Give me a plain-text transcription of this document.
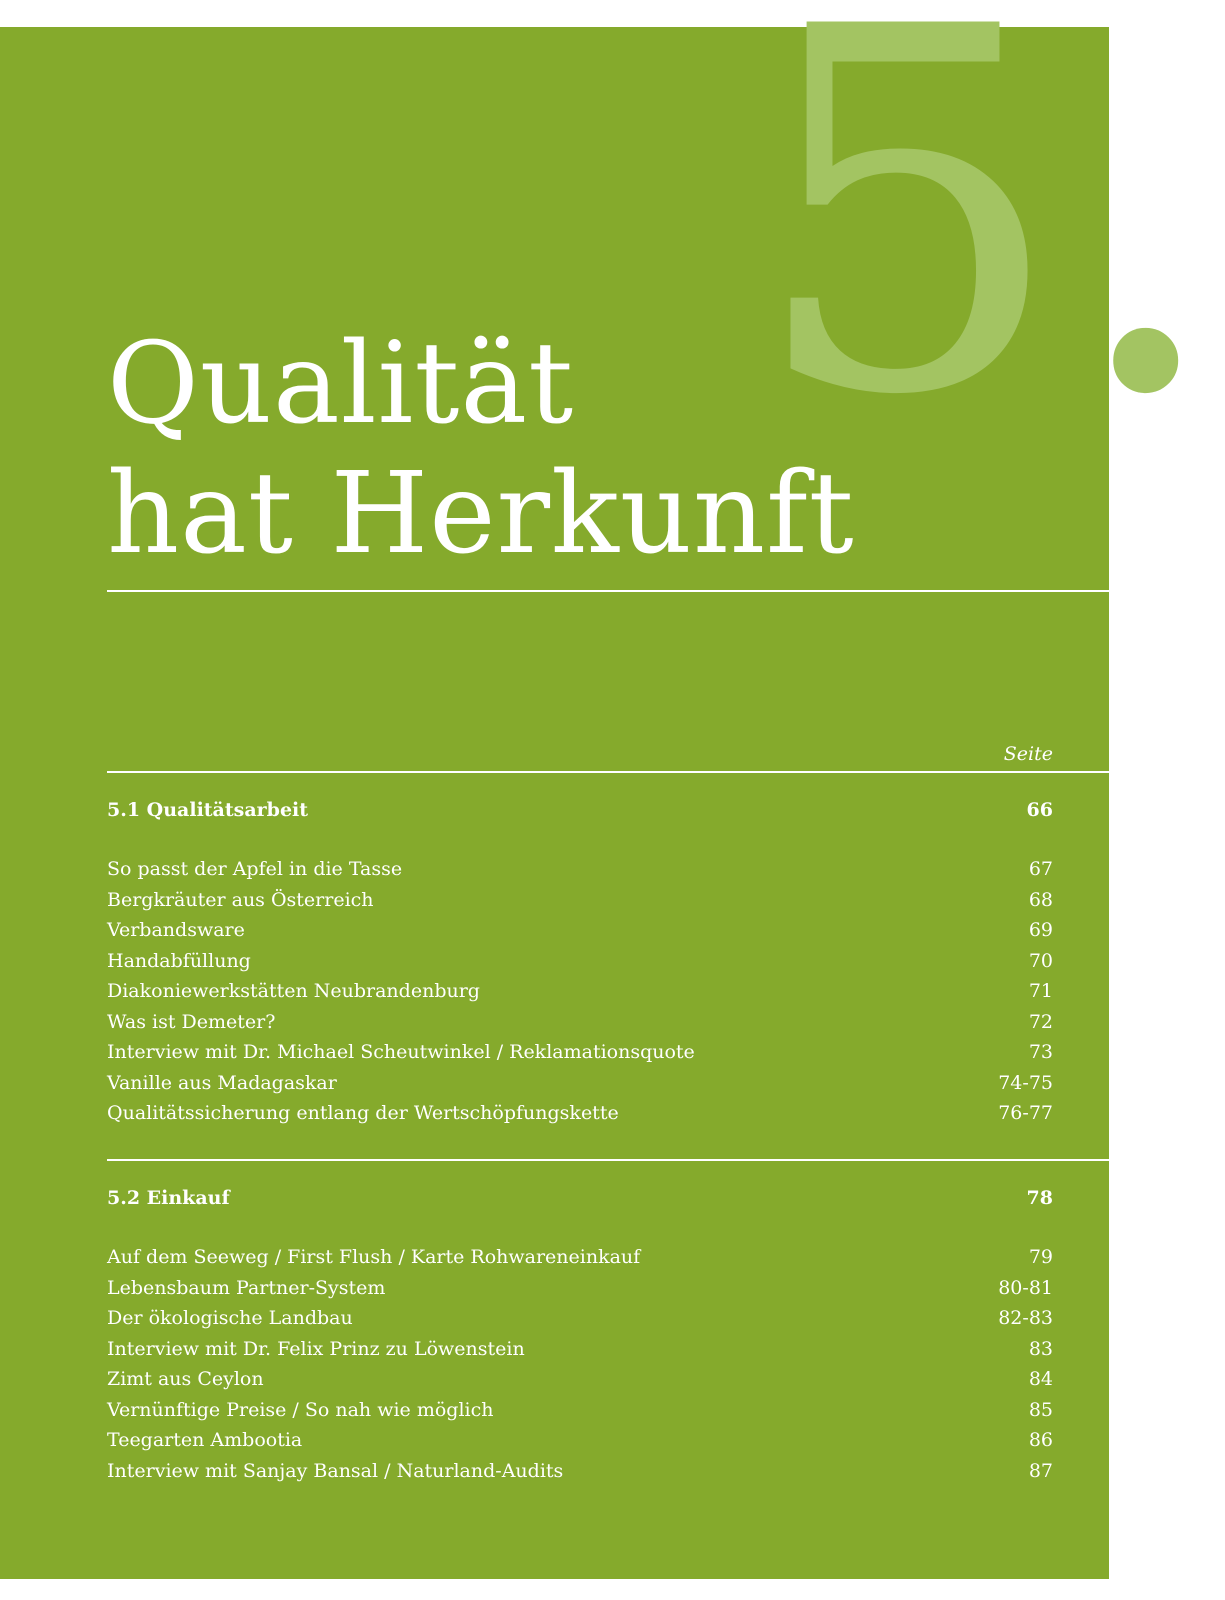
5.
Qualität
hat Herkunft
Seite
5.1 Qualitätsarbeit	66
So passt der Apfel in die Tasse	67
Bergkräuter aus Österreich	68
Verbandsware	69
Handabfüllung	70
Diakoniewerkstätten Neubrandenburg	71
Was ist Demeter?	72
Interview mit Dr. Michael Scheutwinkel / Reklamationsquote	73
Vanille aus Madagaskar	74-75
Qualitätssicherung entlang der Wertschöpfungskette	76-77
5.2 Einkauf	78
Auf dem Seeweg / First Flush / Karte Rohwareneinkauf	79
Lebensbaum Partner-System	80-81
Der ökologische Landbau	82-83
Interview mit Dr. Felix Prinz zu Löwenstein	83
Zimt aus Ceylon	84
Vernünftige Preise / So nah wie möglich	85
Teegarten Ambootia	86
Interview mit Sanjay Bansal / Naturland-Audits	87
